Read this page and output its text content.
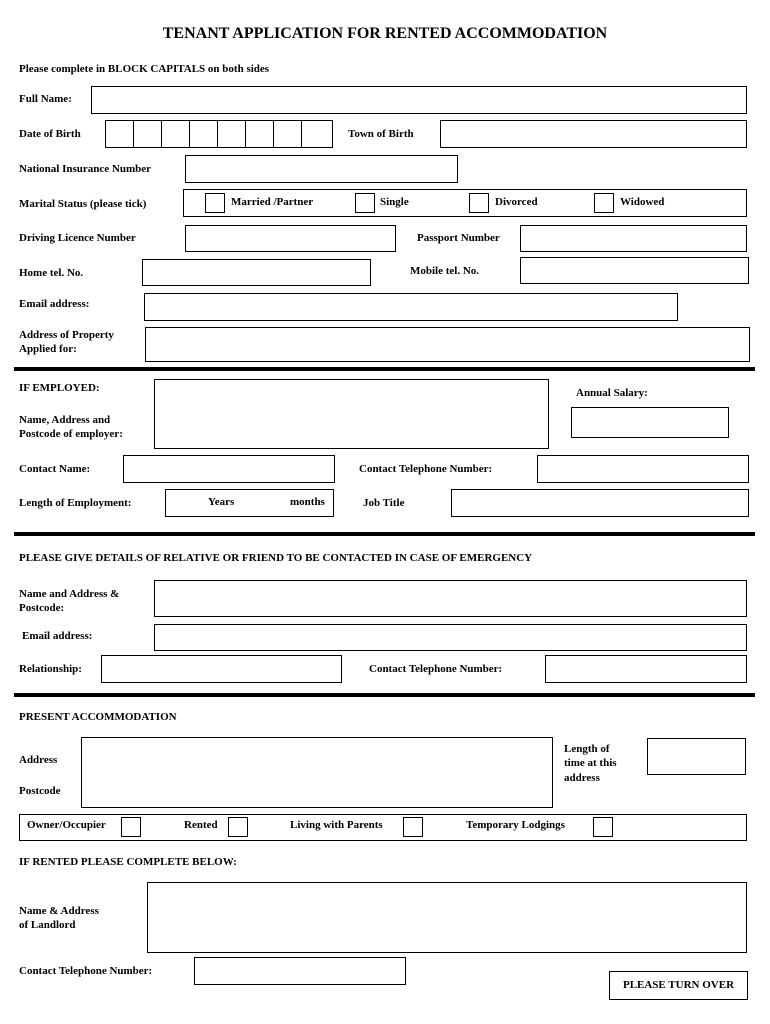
TENANT APPLICATION FOR RENTED ACCOMMODATION
Please complete in BLOCK CAPITALS on both sides
Full Name:
Date of Birth	Town of Birth
National Insurance Number
Marital Status (please tick)	Married /Partner	Single	Divorced	Widowed
Driving Licence Number	Passport Number
Home tel. No.	Mobile tel. No.
Email address:
Address of Property
Applied for:
IF EMPLOYED:
Name, Address and
Postcode of employer:
Annual Salary:
Contact Name:	Contact Telephone Number:
Length of Employment:	Years	months	Job Title
PLEASE GIVE DETAILS OF RELATIVE OR FRIEND TO BE CONTACTED IN CASE OF EMERGENCY
Name and Address &
Postcode:
Email address:
Relationship:	Contact Telephone Number:
PRESENT ACCOMMODATION
Address
Postcode
Length of
time at this
address
Owner/Occupier	Rented	Living with Parents	Temporary Lodgings
IF RENTED PLEASE COMPLETE BELOW:
Name & Address
of Landlord
Contact Telephone Number:
PLEASE TURN OVER
